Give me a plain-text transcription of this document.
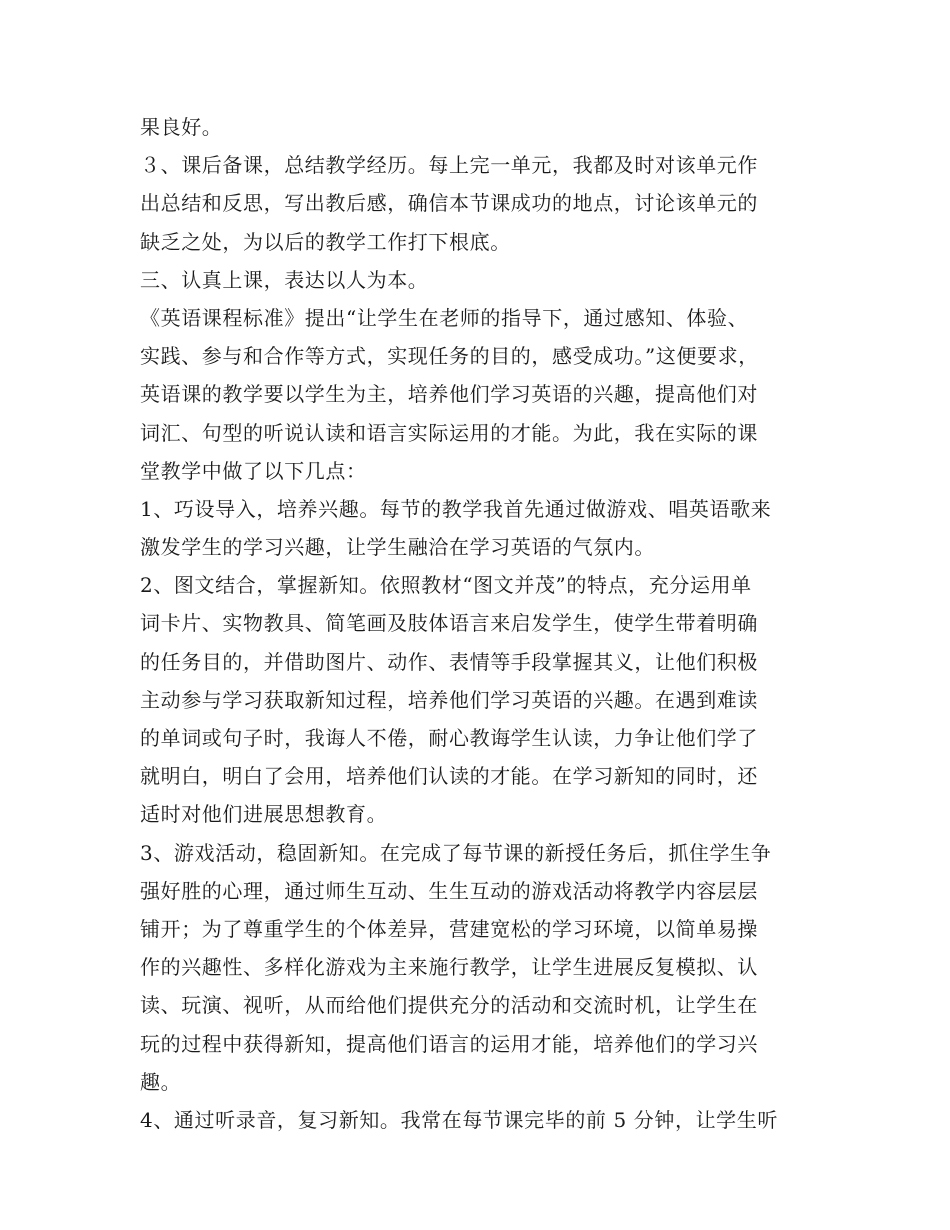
果良好。
３、课后备课，总结教学经历。每上完一单元，我都及时对该单元作
出总结和反思，写出教后感，确信本节课成功的地点，讨论该单元的
缺乏之处，为以后的教学工作打下根底。
三、认真上课，表达以人为本。
《英语课程标准》提出“让学生在老师的指导下，通过感知、体验、
实践、参与和合作等方式，实现任务的目的，感受成功。”这便要求，
英语课的教学要以学生为主，培养他们学习英语的兴趣，提高他们对
词汇、句型的听说认读和语言实际运用的才能。为此，我在实际的课
堂教学中做了以下几点：
1、巧设导入，培养兴趣。每节的教学我首先通过做游戏、唱英语歌来
激发学生的学习兴趣，让学生融洽在学习英语的气氛内。
2、图文结合，掌握新知。依照教材“图文并茂”的特点，充分运用单
词卡片、实物教具、简笔画及肢体语言来启发学生，使学生带着明确
的任务目的，并借助图片、动作、表情等手段掌握其义，让他们积极
主动参与学习获取新知过程，培养他们学习英语的兴趣。在遇到难读
的单词或句子时，我诲人不倦，耐心教诲学生认读，力争让他们学了
就明白，明白了会用，培养他们认读的才能。在学习新知的同时，还
适时对他们进展思想教育。
3、游戏活动，稳固新知。在完成了每节课的新授任务后，抓住学生争
强好胜的心理，通过师生互动、生生互动的游戏活动将教学内容层层
铺开；为了尊重学生的个体差异，营建宽松的学习环境，以简单易操
作的兴趣性、多样化游戏为主来施行教学，让学生进展反复模拟、认
读、玩演、视听，从而给他们提供充分的活动和交流时机，让学生在
玩的过程中获得新知，提高他们语言的运用才能，培养他们的学习兴
趣。
4、通过听录音，复习新知。我常在每节课完毕的前 5 分钟，让学生听
